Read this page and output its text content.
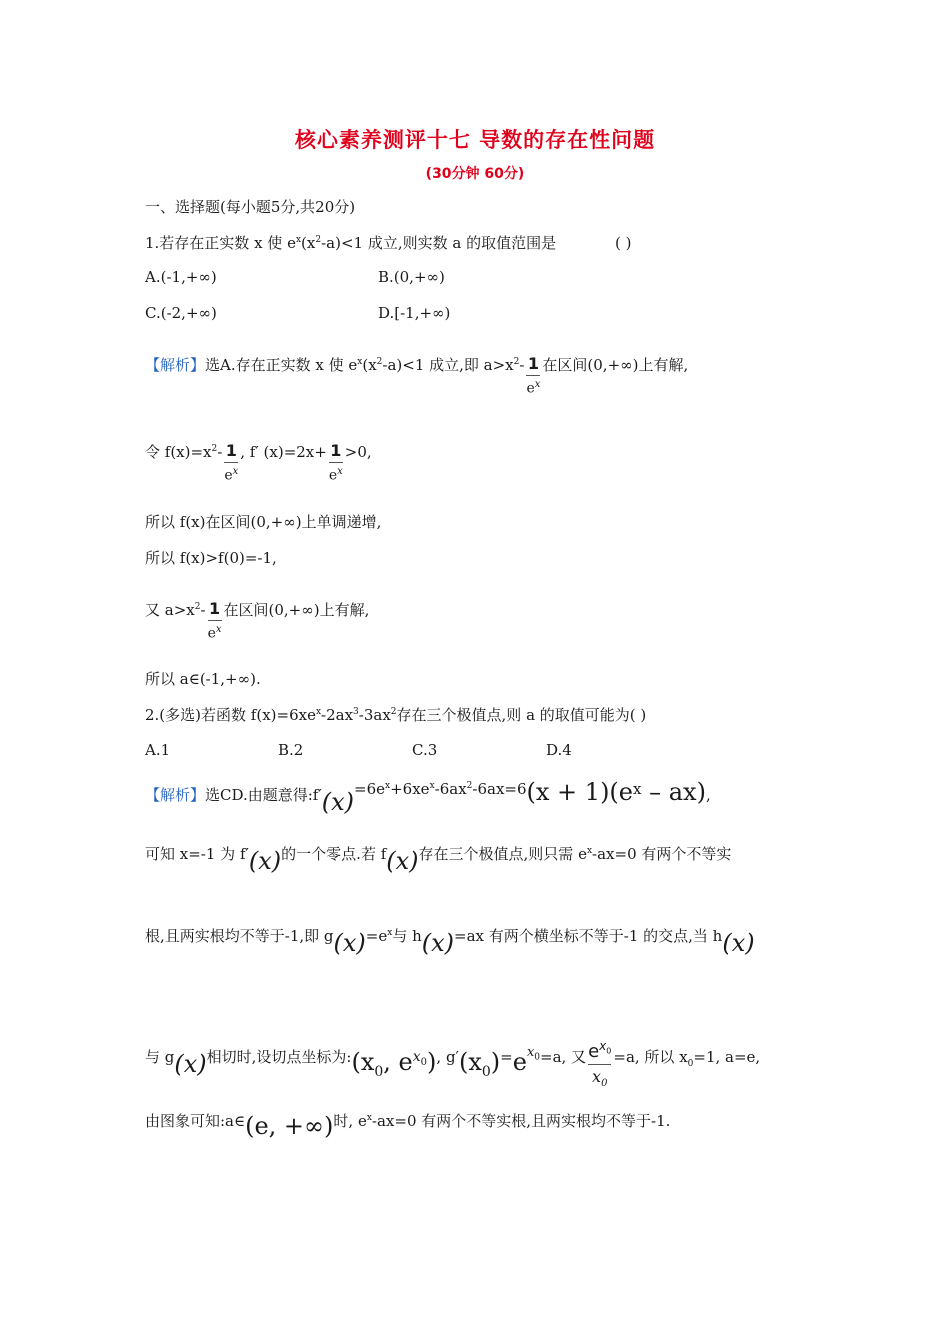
核心素养测评十七 导数的存在性问题
(30分钟 60分)
一、选择题(每小题5分,共20分)
1.若存在正实数 x 使 $e^x(x^2-a)<1$ 成立,则实数 a 的取值范围是	( )
A.(-1,+∞)	B.(0,+∞)
C.(-2,+∞)	D.[-1,+∞)
【解析】选A.存在正实数 x 使 $e^x(x^2-a)<1$ 成立,即 $a>x^2- \frac{1}{e^x}$ 在区间(0,+∞)上有解,
令 $f(x)=x^2- \frac{1}{e^x}$ , f′ $(x)=2x+ \frac{1}{e^x} >0$,
所以 f(x)在区间(0,+∞)上单调递增,
所以 f(x)>f(0)=-1,
又 $a>x^2- \frac{1}{e^x}$ 在区间(0,+∞)上有解,
所以 a∈(-1,+∞).
2.(多选)若函数 $f(x)=6xe^x-2ax^3-3ax^2$存在三个极值点,则 a 的取值可能为( )
A.1	B.2	C.3	D.4
【解析】选CD.由题意得$:f'(x)=6e^x+6xe^x-6ax^2-6ax=6(x + 1)(e^x - ax)$,
可知 x=-1 为 f′(x)的一个零点.若 f(x)存在三个极值点,则只需 $e^x-ax=0$ 有两个不等实
根,且两实根均不等于-1,即 $g(x)=e^x$与 h(x)=ax 有两个横坐标不等于-1 的交点,当 h(x)
与 g(x)相切时,设切点坐标为$:(x_0$, $e^{x_0}$), $g'(x_0)=e^{x_0}=a$, 又 $\frac{e^{x_0}}{x_0} =a$, 所以 $x_0=1$, a=e,
由图象可知:a∈(e, +∞)时, $e^x-ax=0$ 有两个不等实根,且两实根均不等于-1.
